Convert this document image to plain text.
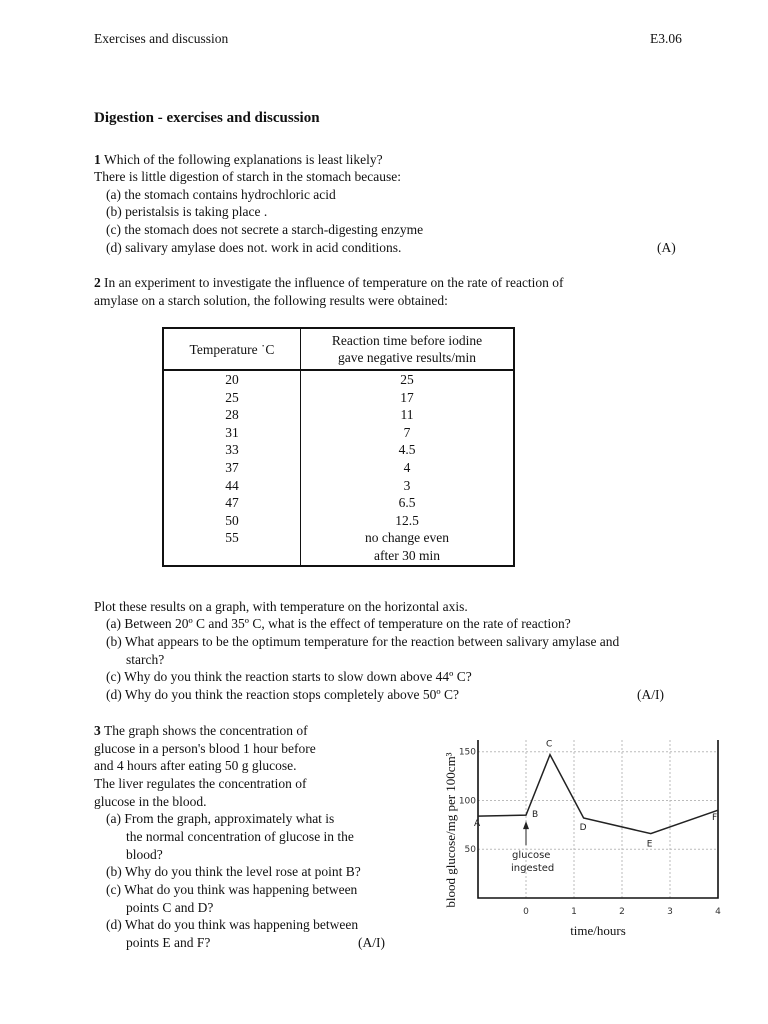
Exercises and discussion	E3.06
Digestion - exercises and discussion
1 Which of the following explanations is least likely?
There is little digestion of starch in the stomach because:
(a) the stomach contains hydrochloric acid
(b) peristalsis is taking place .
(c) the stomach does not secrete a starch-digesting enzyme
(d) salivary amylase does not. work in acid conditions.	(A)
2 In an experiment to investigate the influence of temperature on the rate of reaction of
amylase on a starch solution, the following results were obtained:
Temperature ˙C	Reaction time before iodine
gave negative results/min
20	25
25	17
28	11
31	7
33	4.5
37	4
44	3
47	6.5
50	12.5
55	no change even
	after 30 min
Plot these results on a graph, with temperature on the horizontal axis.
(a) Between 20º C and 35º C, what is the effect of temperature on the rate of reaction?
(b) What appears to be the optimum temperature for the reaction between salivary amylase and
starch?
(c) Why do you think the reaction starts to slow down above 44º C?
(d) Why do you think the reaction stops completely above 50º C?	(A/I)
3 The graph shows the concentration of
glucose in a person's blood 1 hour before
and 4 hours after eating 50 g glucose.
The liver regulates the concentration of
glucose in the blood.
(a) From the graph, approximately what is
the normal concentration of glucose in the
blood?
(b) Why do you think the level rose at point B?
(c) What do you think was happening between
points C and D?
(d) What do you think was happening between
points E and F?	(A/I)
0	1	2	3	4
50
100
150
A
B
C
D
E
F
glucose
ingested
time/hours
blood glucose/mg per 100cm³
